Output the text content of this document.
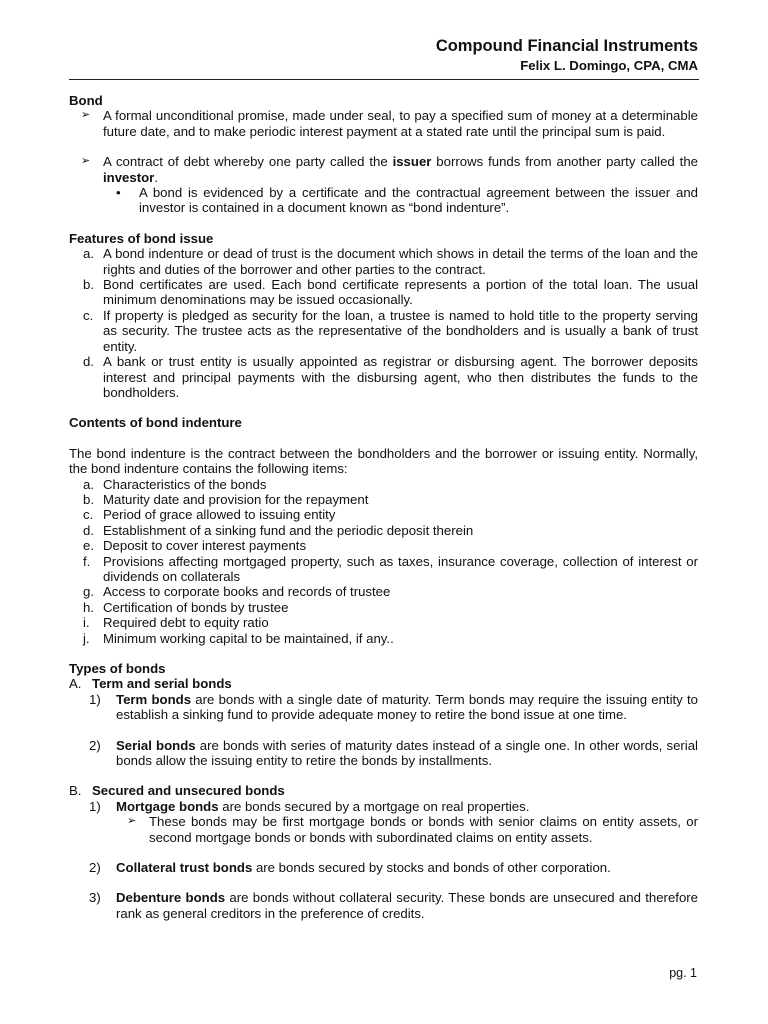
Compound Financial Instruments
Felix L. Domingo, CPA, CMA
Bond
➢ A formal unconditional promise, made under seal, to pay a specified sum of money at a determinable future date, and to make periodic interest payment at a stated rate until the principal sum is paid.
➢ A contract of debt whereby one party called the issuer borrows funds from another party called the investor.
•	A bond is evidenced by a certificate and the contractual agreement between the issuer and investor is contained in a document known as “bond indenture”.
Features of bond issue
a. A bond indenture or dead of trust is the document which shows in detail the terms of the loan and the rights and duties of the borrower and other parties to the contract.
b. Bond certificates are used. Each bond certificate represents a portion of the total loan. The usual minimum denominations may be issued occasionally.
c. If property is pledged as security for the loan, a trustee is named to hold title to the property serving as security. The trustee acts as the representative of the bondholders and is usually a bank of trust entity.
d. A bank or trust entity is usually appointed as registrar or disbursing agent. The borrower deposits interest and principal payments with the disbursing agent, who then distributes the funds to the bondholders.
Contents of bond indenture
The bond indenture is the contract between the bondholders and the borrower or issuing entity. Normally, the bond indenture contains the following items:
a. Characteristics of the bonds
b. Maturity date and provision for the repayment
c. Period of grace allowed to issuing entity
d. Establishment of a sinking fund and the periodic deposit therein
e. Deposit to cover interest payments
f. Provisions affecting mortgaged property, such as taxes, insurance coverage, collection of interest or dividends on collaterals
g. Access to corporate books and records of trustee
h. Certification of bonds by trustee
i.	Required debt to equity ratio
j.	Minimum working capital to be maintained, if any..
Types of bonds
A. Term and serial bonds
1)	Term bonds are bonds with a single date of maturity. Term bonds may require the issuing entity to establish a sinking fund to provide adequate money to retire the bond issue at one time.
2)	Serial bonds are bonds with series of maturity dates instead of a single one. In other words, serial bonds allow the issuing entity to retire the bonds by installments.
B. Secured and unsecured bonds
1)	Mortgage bonds are bonds secured by a mortgage on real properties.
➢ These bonds may be first mortgage bonds or bonds with senior claims on entity assets, or second mortgage bonds or bonds with subordinated claims on entity assets.
2)	Collateral trust bonds are bonds secured by stocks and bonds of other corporation.
3)	Debenture bonds are bonds without collateral security. These bonds are unsecured and therefore rank as general creditors in the preference of credits.
pg. 1
